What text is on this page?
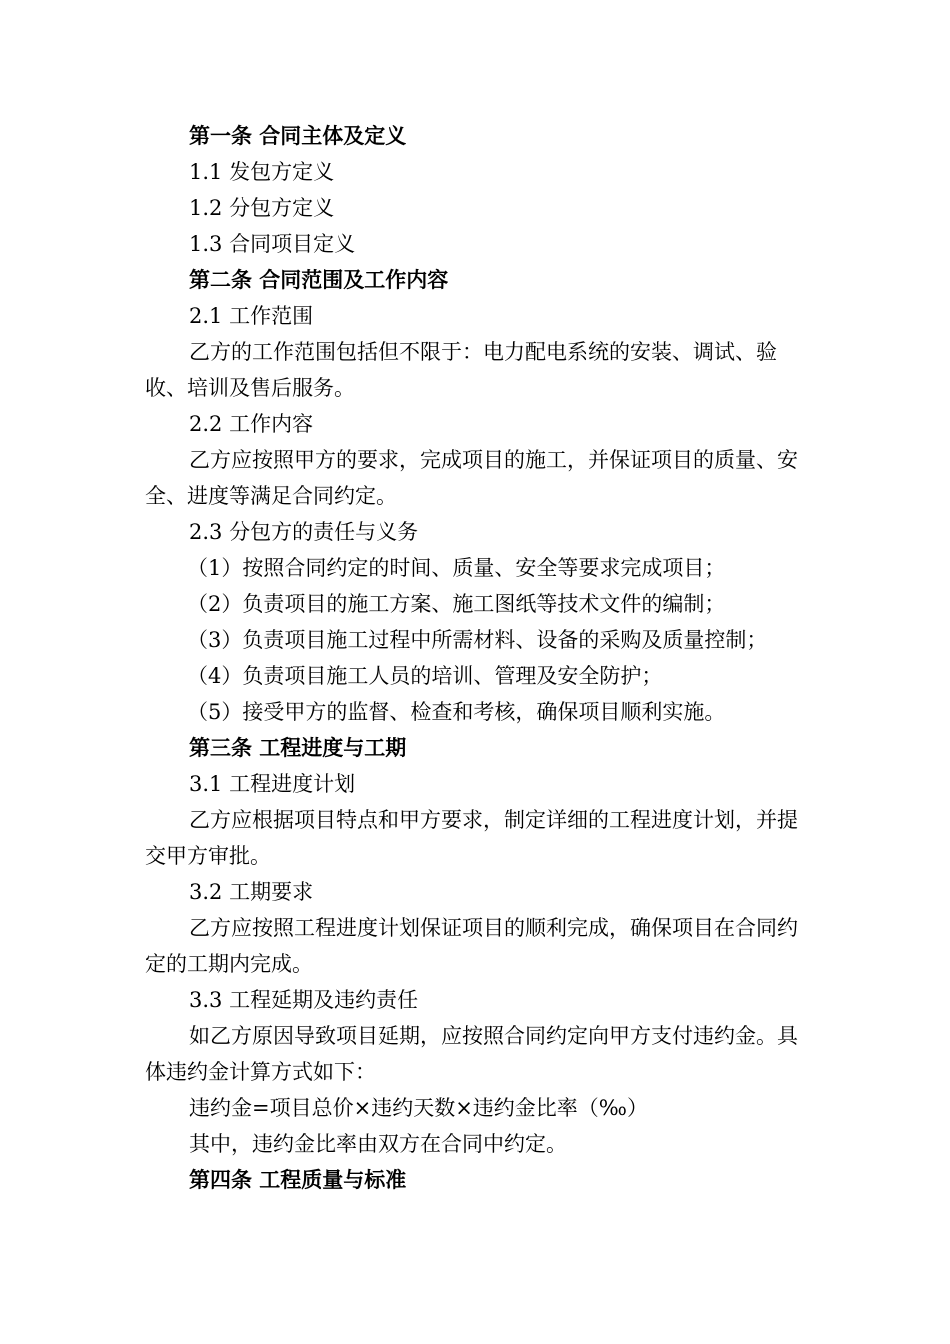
第一条 合同主体及定义

1.1 发包方定义

1.2 分包方定义

1.3 合同项目定义

第二条 合同范围及工作内容

2.1 工作范围

乙方的工作范围包括但不限于：电力配电系统的安装、调试、验收、培训及售后服务。

2.2 工作内容

乙方应按照甲方的要求，完成项目的施工，并保证项目的质量、安全、进度等满足合同约定。

2.3 分包方的责任与义务

（1）按照合同约定的时间、质量、安全等要求完成项目；

（2）负责项目的施工方案、施工图纸等技术文件的编制；

（3）负责项目施工过程中所需材料、设备的采购及质量控制；

（4）负责项目施工人员的培训、管理及安全防护；

（5）接受甲方的监督、检查和考核，确保项目顺利实施。

第三条 工程进度与工期

3.1 工程进度计划

乙方应根据项目特点和甲方要求，制定详细的工程进度计划，并提交甲方审批。

3.2 工期要求

乙方应按照工程进度计划保证项目的顺利完成，确保项目在合同约定的工期内完成。

3.3 工程延期及违约责任

如乙方原因导致项目延期，应按照合同约定向甲方支付违约金。具体违约金计算方式如下：

违约金=项目总价×违约天数×违约金比率（‰）

其中，违约金比率由双方在合同中约定。

第四条 工程质量与标准
